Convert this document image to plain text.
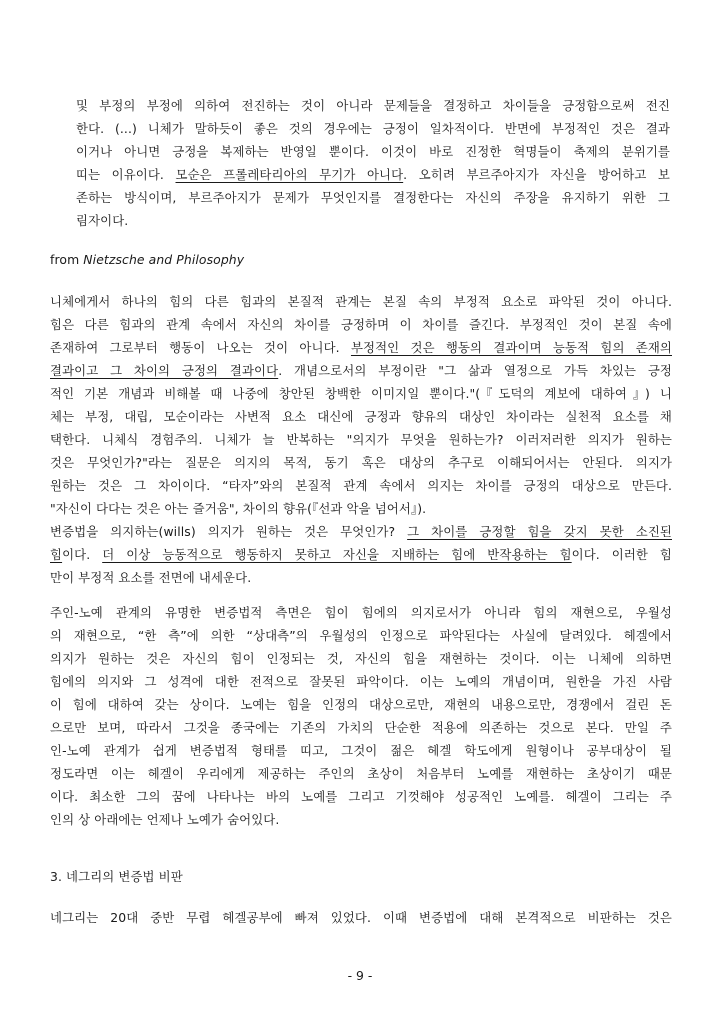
및 부정의 부정에 의하여 전진하는 것이 아니라 문제들을 결정하고 차이들을 긍정함으로써 전진
한다. (...) 니체가 말하듯이 좋은 것의 경우에는 긍정이 일차적이다. 반면에 부정적인 것은 결과
이거나 아니면 긍정을 복제하는 반영일 뿐이다. 이것이 바로 진정한 혁명들이 축제의 분위기를
띠는 이유이다. 모순은 프롤레타리아의 무기가 아니다. 오히려 부르주아지가 자신을 방어하고 보
존하는 방식이며, 부르주아지가 문제가 무엇인지를 결정한다는 자신의 주장을 유지하기 위한 그
림자이다.
from Nietzsche and Philosophy
니체에게서 하나의 힘의 다른 힘과의 본질적 관계는 본질 속의 부정적 요소로 파악된 것이 아니다.
힘은 다른 힘과의 관계 속에서 자신의 차이를 긍정하며 이 차이를 즐긴다. 부정적인 것이 본질 속에
존재하여 그로부터 행동이 나오는 것이 아니다. 부정적인 것은 행동의 결과이며 능동적 힘의 존재의
결과이고 그 차이의 긍정의 결과이다. 개념으로서의 부정이란 "그 삶과 열정으로 가득 차있는 긍정
적인 기본 개념과 비해볼 때 나중에 창안된 창백한 이미지일 뿐이다."(『도덕의 계보에 대하여』) 니
체는 부정, 대립, 모순이라는 사변적 요소 대신에 긍정과 향유의 대상인 차이라는 실천적 요소를 채
택한다. 니체식 경험주의. 니체가 늘 반복하는 "의지가 무엇을 원하는가? 이러저러한 의지가 원하는
것은 무엇인가?"라는 질문은 의지의 목적, 동기 혹은 대상의 추구로 이해되어서는 안된다. 의지가
원하는 것은 그 차이이다. “타자”와의 본질적 관계 속에서 의지는 차이를 긍정의 대상으로 만든다.
"자신이 다다는 것은 아는 즐거움", 차이의 향유(『선과 악을 넘어서』).
변증법을 의지하는(wills) 의지가 원하는 것은 무엇인가? 그 차이를 긍정할 힘을 갖지 못한 소진된
힘이다. 더 이상 능동적으로 행동하지 못하고 자신을 지배하는 힘에 반작용하는 힘이다. 이러한 힘
만이 부정적 요소를 전면에 내세운다.
주인-노예 관계의 유명한 변증법적 측면은 힘이 힘에의 의지로서가 아니라 힘의 재현으로, 우월성
의 재현으로, “한 측”에 의한 “상대측”의 우월성의 인정으로 파악된다는 사실에 달려있다. 헤겔에서
의지가 원하는 것은 자신의 힘이 인정되는 것, 자신의 힘을 재현하는 것이다. 이는 니체에 의하면
힘에의 의지와 그 성격에 대한 전적으로 잘못된 파악이다. 이는 노예의 개념이며, 원한을 가진 사람
이 힘에 대하여 갖는 상이다. 노예는 힘을 인정의 대상으로만, 재현의 내용으로만, 경쟁에서 걸린 돈
으로만 보며, 따라서 그것을 종국에는 기존의 가치의 단순한 적용에 의존하는 것으로 본다. 만일 주
인-노예 관계가 쉽게 변증법적 형태를 띠고, 그것이 젊은 헤겔 학도에게 원형이나 공부대상이 될
정도라면 이는 헤겔이 우리에게 제공하는 주인의 초상이 처음부터 노예를 재현하는 초상이기 때문
이다. 최소한 그의 꿈에 나타나는 바의 노예를 그리고 기껏해야 성공적인 노예를. 헤겔이 그리는 주
인의 상 아래에는 언제나 노예가 숨어있다.
3. 네그리의 변증법 비판
네그리는 20대 중반 무렵 헤겔공부에 빠져 있었다. 이때 변증법에 대해 본격적으로 비판하는 것은
- 9 -
